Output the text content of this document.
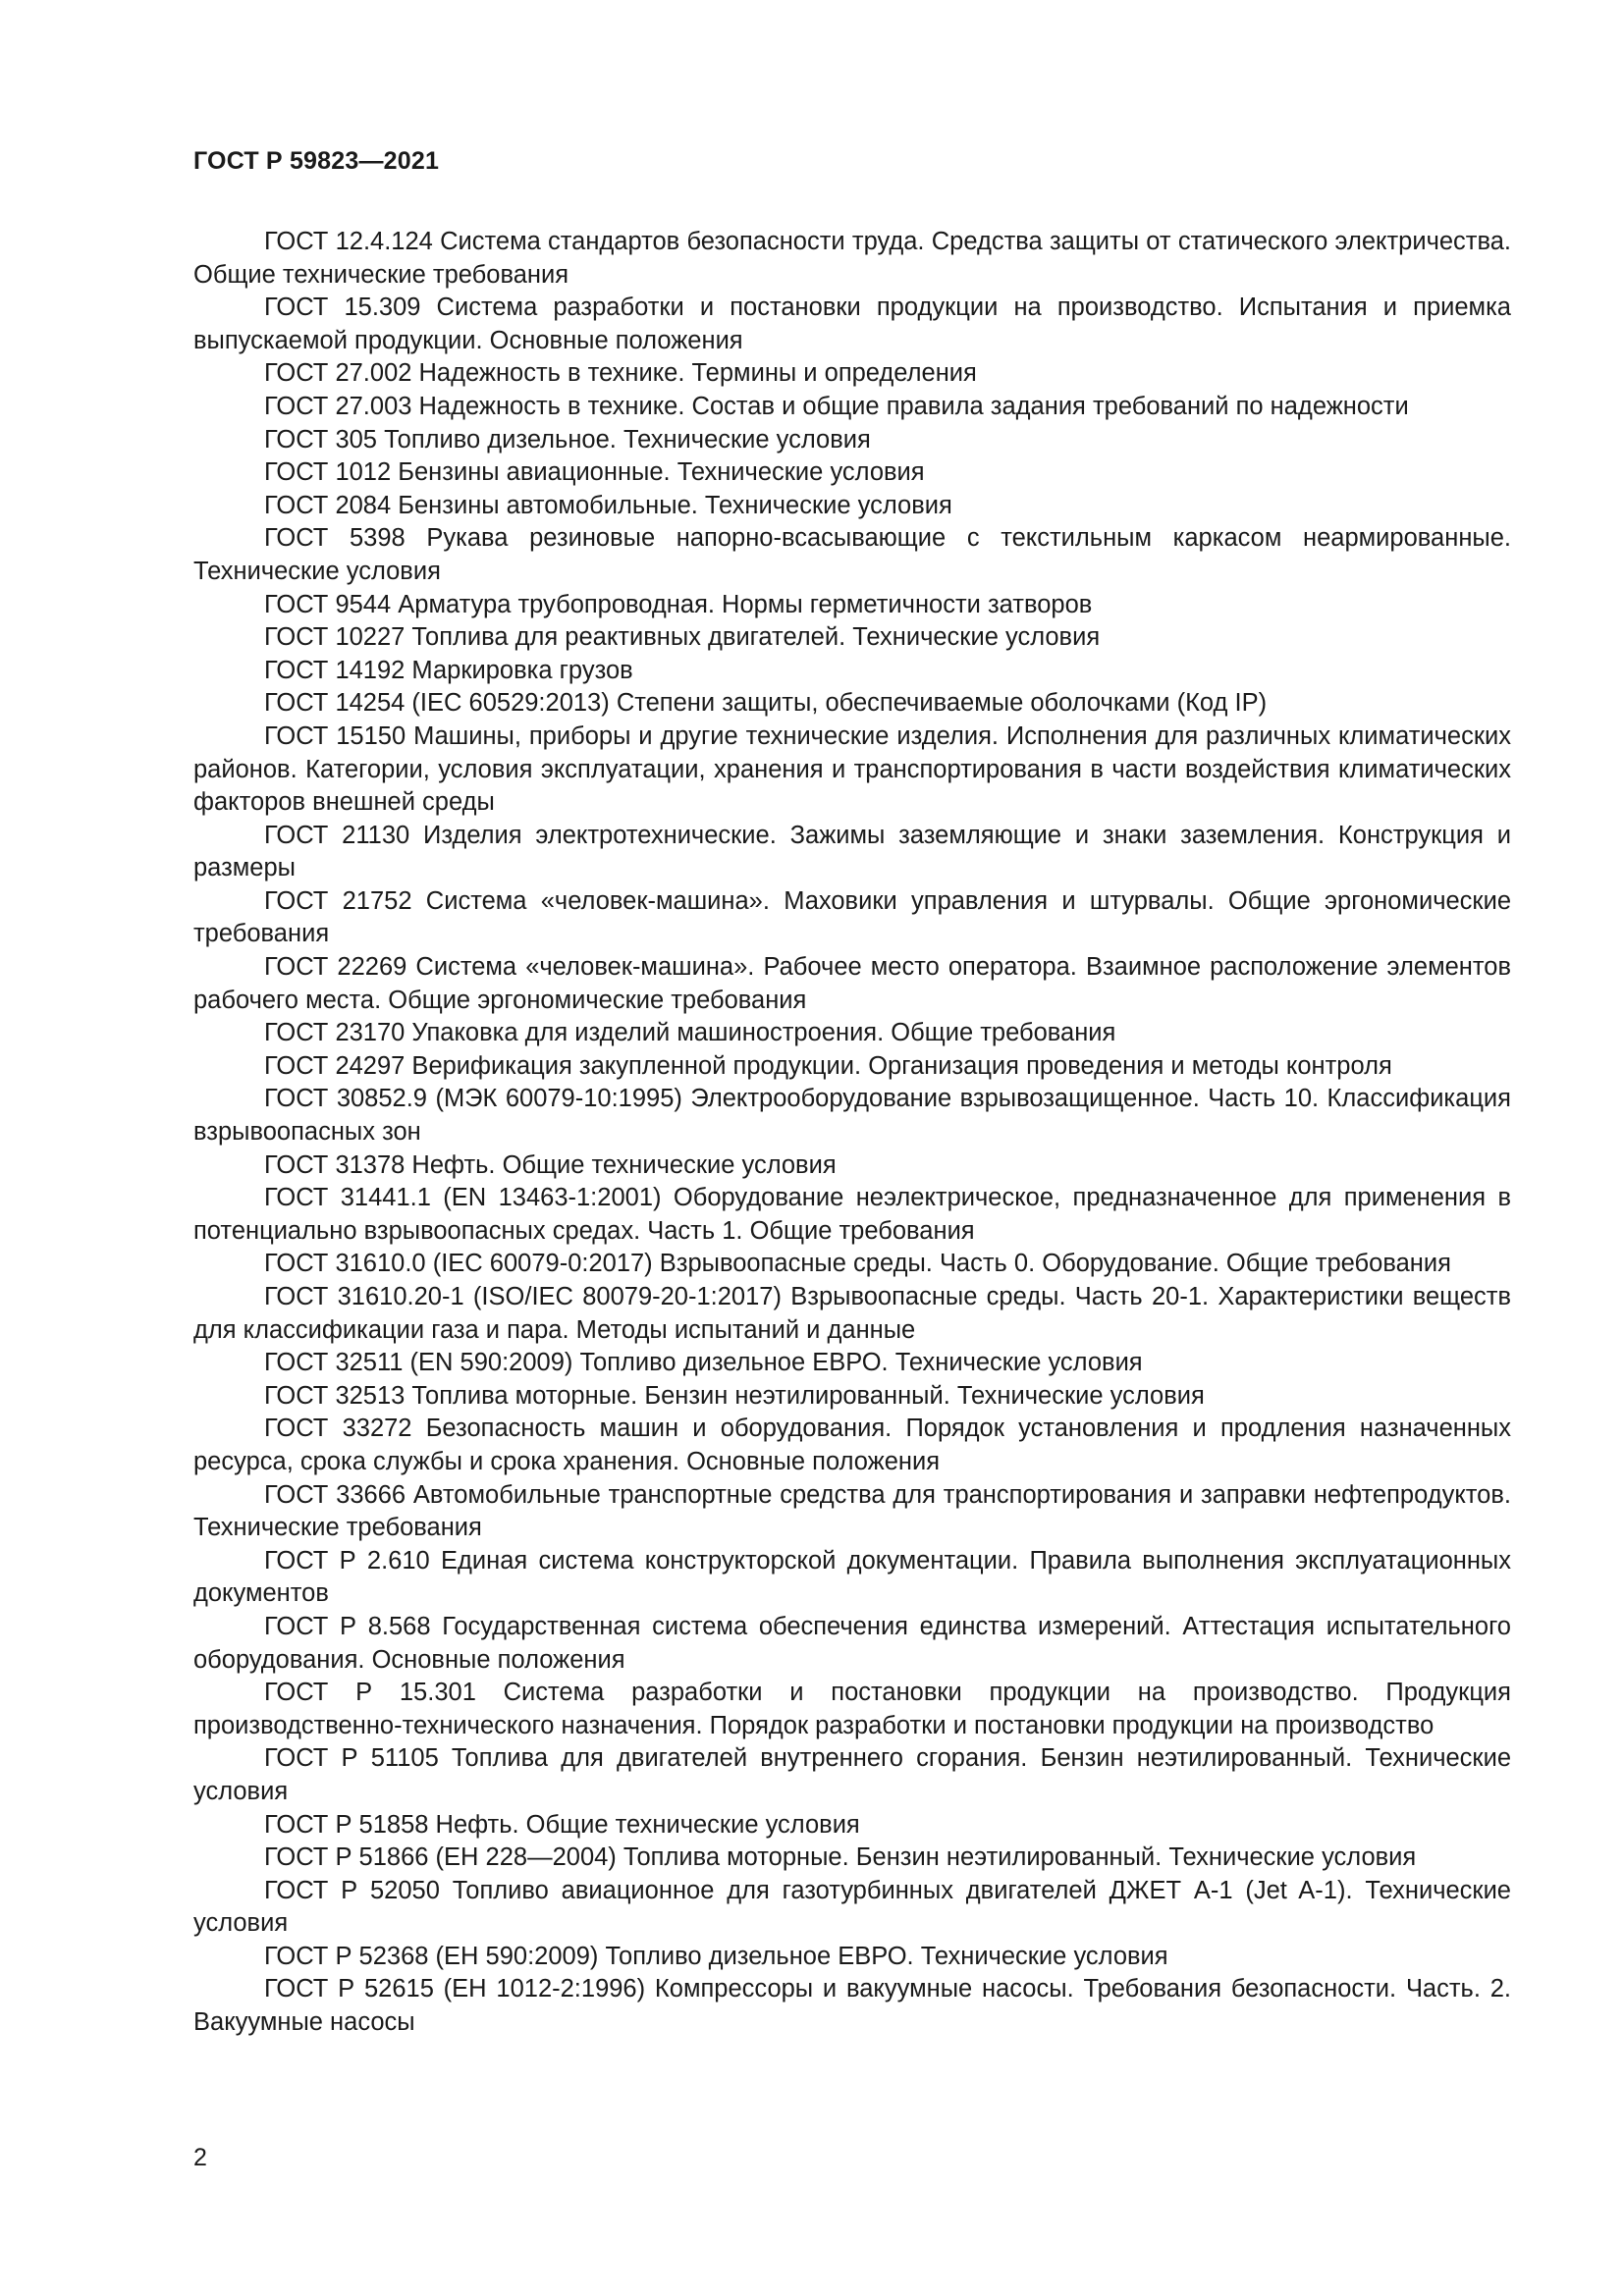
ГОСТ Р 59823—2021

ГОСТ 12.4.124 Система стандартов безопасности труда. Средства защиты от статического электричества. Общие технические требования

ГОСТ 15.309 Система разработки и постановки продукции на производство. Испытания и приемка выпускаемой продукции. Основные положения

ГОСТ 27.002 Надежность в технике. Термины и определения

ГОСТ 27.003 Надежность в технике. Состав и общие правила задания требований по надежности

ГОСТ 305 Топливо дизельное. Технические условия

ГОСТ 1012 Бензины авиационные. Технические условия

ГОСТ 2084 Бензины автомобильные. Технические условия

ГОСТ 5398 Рукава резиновые напорно-всасывающие с текстильным каркасом неармированные. Технические условия

ГОСТ 9544 Арматура трубопроводная. Нормы герметичности затворов

ГОСТ 10227 Топлива для реактивных двигателей. Технические условия

ГОСТ 14192 Маркировка грузов

ГОСТ 14254 (IEC 60529:2013) Степени защиты, обеспечиваемые оболочками (Код IP)

ГОСТ 15150 Машины, приборы и другие технические изделия. Исполнения для различных климатических районов. Категории, условия эксплуатации, хранения и транспортирования в части воздействия климатических факторов внешней среды

ГОСТ 21130 Изделия электротехнические. Зажимы заземляющие и знаки заземления. Конструкция и размеры

ГОСТ 21752 Система «человек-машина». Маховики управления и штурвалы. Общие эргономические требования

ГОСТ 22269 Система «человек-машина». Рабочее место оператора. Взаимное расположение элементов рабочего места. Общие эргономические требования

ГОСТ 23170 Упаковка для изделий машиностроения. Общие требования

ГОСТ 24297 Верификация закупленной продукции. Организация проведения и методы контроля

ГОСТ 30852.9 (МЭК 60079-10:1995) Электрооборудование взрывозащищенное. Часть 10. Классификация взрывоопасных зон

ГОСТ 31378 Нефть. Общие технические условия

ГОСТ 31441.1 (EN 13463-1:2001) Оборудование неэлектрическое, предназначенное для применения в потенциально взрывоопасных средах. Часть 1. Общие требования

ГОСТ 31610.0 (IEC 60079-0:2017) Взрывоопасные среды. Часть 0. Оборудование. Общие требования

ГОСТ 31610.20-1 (ISO/IEC 80079-20-1:2017) Взрывоопасные среды. Часть 20-1. Характеристики веществ для классификации газа и пара. Методы испытаний и данные

ГОСТ 32511 (EN 590:2009) Топливо дизельное ЕВРО. Технические условия

ГОСТ 32513 Топлива моторные. Бензин неэтилированный. Технические условия

ГОСТ 33272 Безопасность машин и оборудования. Порядок установления и продления назначенных ресурса, срока службы и срока хранения. Основные положения

ГОСТ 33666 Автомобильные транспортные средства для транспортирования и заправки нефтепродуктов. Технические требования

ГОСТ Р 2.610 Единая система конструкторской документации. Правила выполнения эксплуатационных документов

ГОСТ Р 8.568 Государственная система обеспечения единства измерений. Аттестация испытательного оборудования. Основные положения

ГОСТ Р 15.301 Система разработки и постановки продукции на производство. Продукция производственно-технического назначения. Порядок разработки и постановки продукции на производство

ГОСТ Р 51105 Топлива для двигателей внутреннего сгорания. Бензин неэтилированный. Технические условия

ГОСТ Р 51858 Нефть. Общие технические условия

ГОСТ Р 51866 (ЕН 228—2004) Топлива моторные. Бензин неэтилированный. Технические условия

ГОСТ Р 52050 Топливо авиационное для газотурбинных двигателей ДЖЕТ А-1 (Jet A-1). Технические условия

ГОСТ Р 52368 (ЕН 590:2009) Топливо дизельное ЕВРО. Технические условия

ГОСТ Р 52615 (ЕН 1012-2:1996) Компрессоры и вакуумные насосы. Требования безопасности. Часть. 2. Вакуумные насосы

2
